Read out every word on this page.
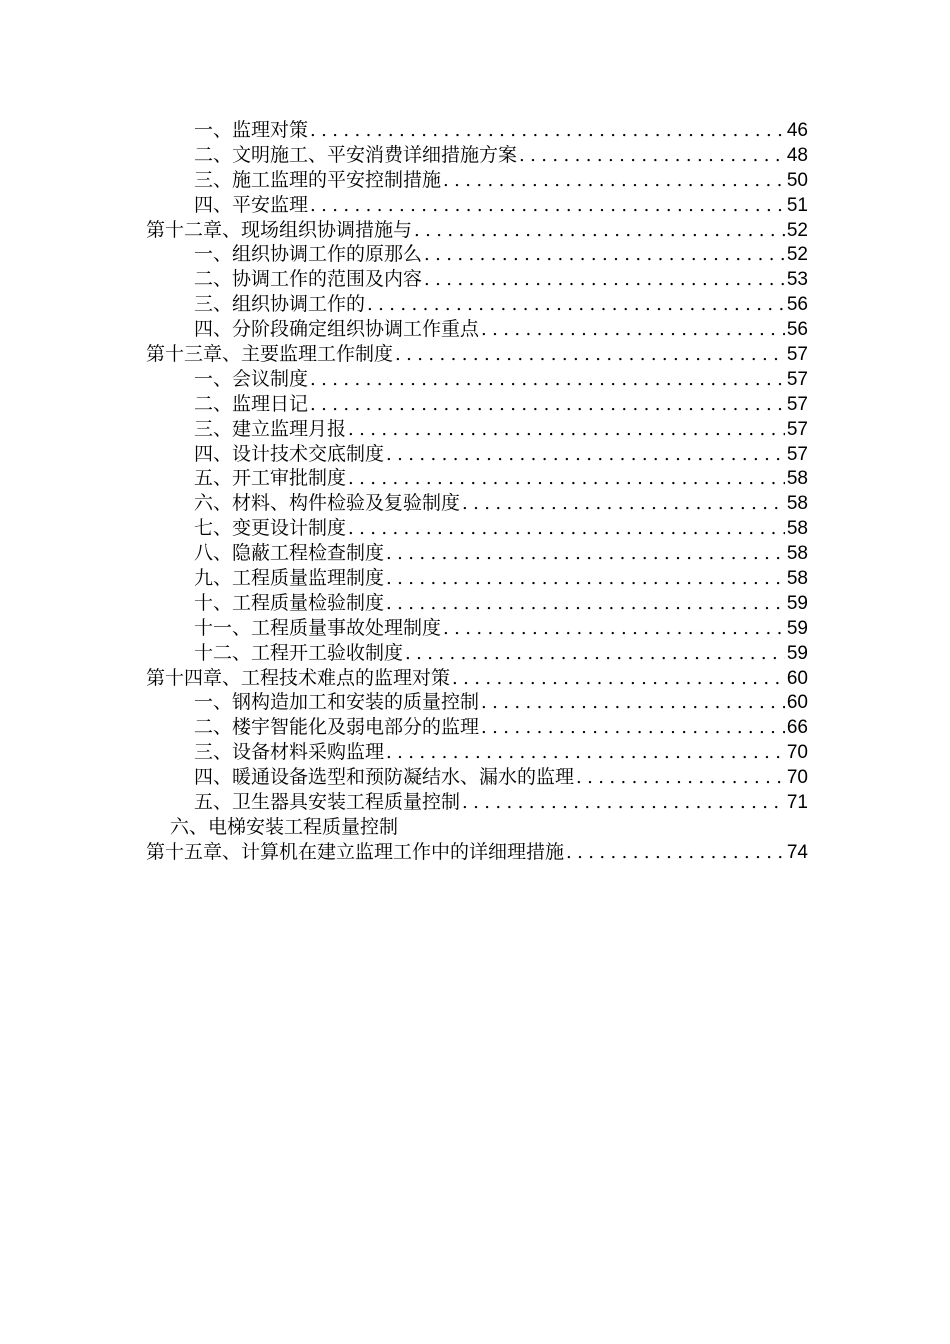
一、监理对策 .....	46
二、文明施工、平安消费详细措施方案 .....	48
三、施工监理的平安控制措施 .....	50
四、平安监理 .....	51
第十二章、现场组织协调措施与 .....	52
一、组织协调工作的原那么 .....	52
二、协调工作的范围及内容 .....	53
三、组织协调工作的 .....	56
四、分阶段确定组织协调工作重点 .....	56
第十三章、主要监理工作制度 .....	57
一、会议制度 .....	57
二、监理日记 .....	57
三、建立监理月报 .....	57
四、设计技术交底制度 .....	57
五、开工审批制度 .....	58
六、材料、构件检验及复验制度 .....	58
七、变更设计制度 .....	58
八、隐蔽工程检查制度 .....	58
九、工程质量监理制度 .....	58
十、工程质量检验制度 .....	59
十一、工程质量事故处理制度 .....	59
十二、工程开工验收制度 .....	59
第十四章、工程技术难点的监理对策 .....	60
一、钢构造加工和安装的质量控制 .....	60
二、楼宇智能化及弱电部分的监理 .....	66
三、设备材料采购监理 .....	70
四、暖通设备选型和预防凝结水、漏水的监理 .....	70
五、卫生器具安装工程质量控制 .....	71
六、电梯安装工程质量控制
第十五章、计算机在建立监理工作中的详细理措施 .....	74
